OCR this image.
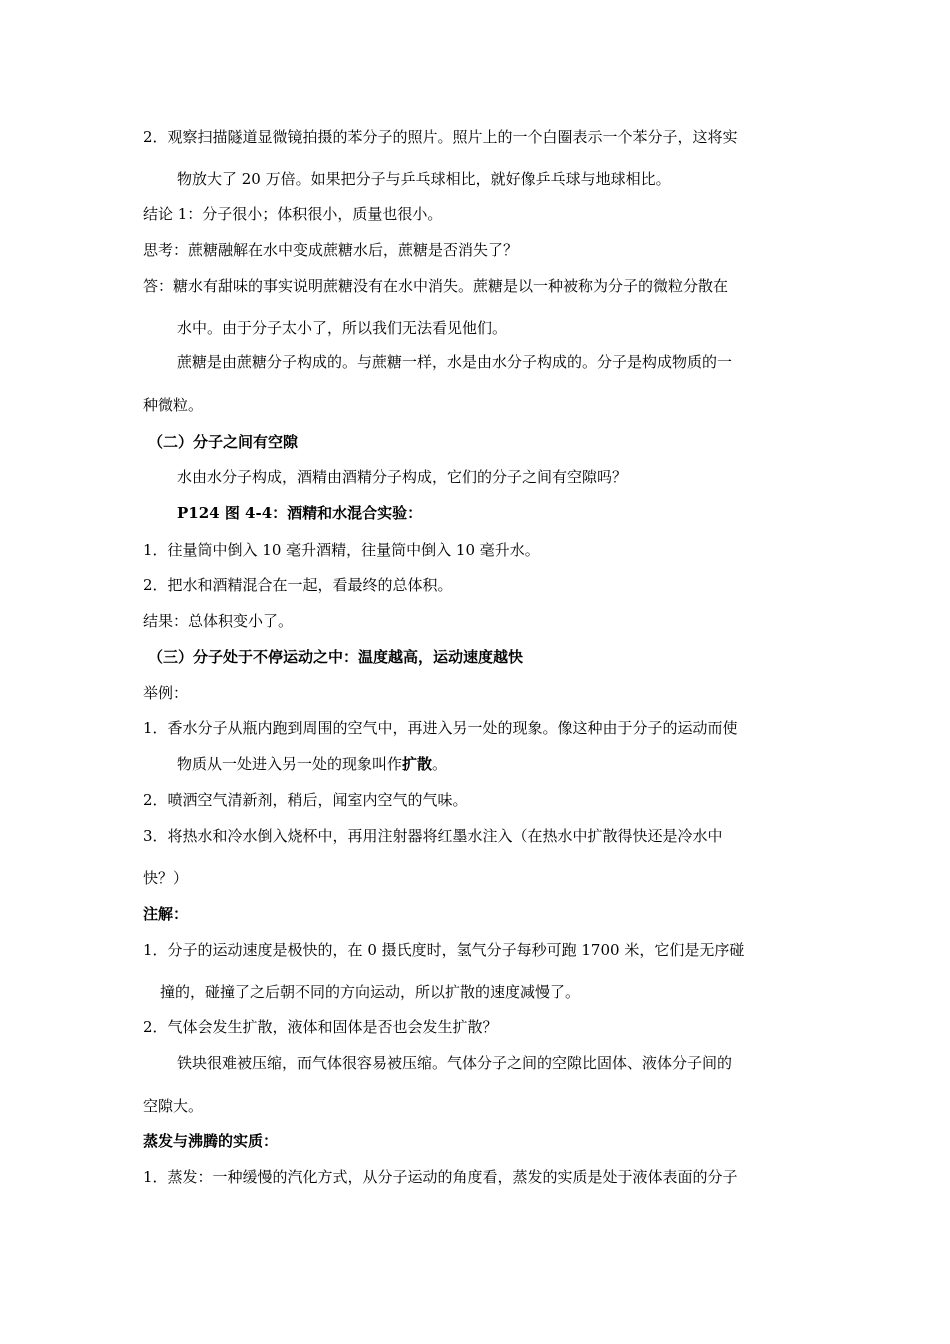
2．观察扫描隧道显微镜拍摄的苯分子的照片。照片上的一个白圈表示一个苯分子，这将实
物放大了 20 万倍。如果把分子与乒乓球相比，就好像乒乓球与地球相比。
结论 1：分子很小；体积很小，质量也很小。
思考：蔗糖融解在水中变成蔗糖水后，蔗糖是否消失了？
答：糖水有甜味的事实说明蔗糖没有在水中消失。蔗糖是以一种被称为分子的微粒分散在
水中。由于分子太小了，所以我们无法看见他们。
蔗糖是由蔗糖分子构成的。与蔗糖一样，水是由水分子构成的。分子是构成物质的一
种微粒。
（二）分子之间有空隙
水由水分子构成，酒精由酒精分子构成，它们的分子之间有空隙吗？
P124 图 4-4：酒精和水混合实验：
1．往量筒中倒入 10 毫升酒精，往量筒中倒入 10 毫升水。
2．把水和酒精混合在一起，看最终的总体积。
结果：总体积变小了。
（三）分子处于不停运动之中：温度越高，运动速度越快
举例：
1．香水分子从瓶内跑到周围的空气中，再进入另一处的现象。像这种由于分子的运动而使
物质从一处进入另一处的现象叫作扩散。
2．喷洒空气清新剂，稍后，闻室内空气的气味。
3．将热水和冷水倒入烧杯中，再用注射器将红墨水注入（在热水中扩散得快还是冷水中
快？）
注解：
1．分子的运动速度是极快的，在 0 摄氏度时，氢气分子每秒可跑 1700 米，它们是无序碰
撞的，碰撞了之后朝不同的方向运动，所以扩散的速度减慢了。
2．气体会发生扩散，液体和固体是否也会发生扩散？
铁块很难被压缩，而气体很容易被压缩。气体分子之间的空隙比固体、液体分子间的
空隙大。
蒸发与沸腾的实质：
1．蒸发：一种缓慢的汽化方式，从分子运动的角度看，蒸发的实质是处于液体表面的分子
